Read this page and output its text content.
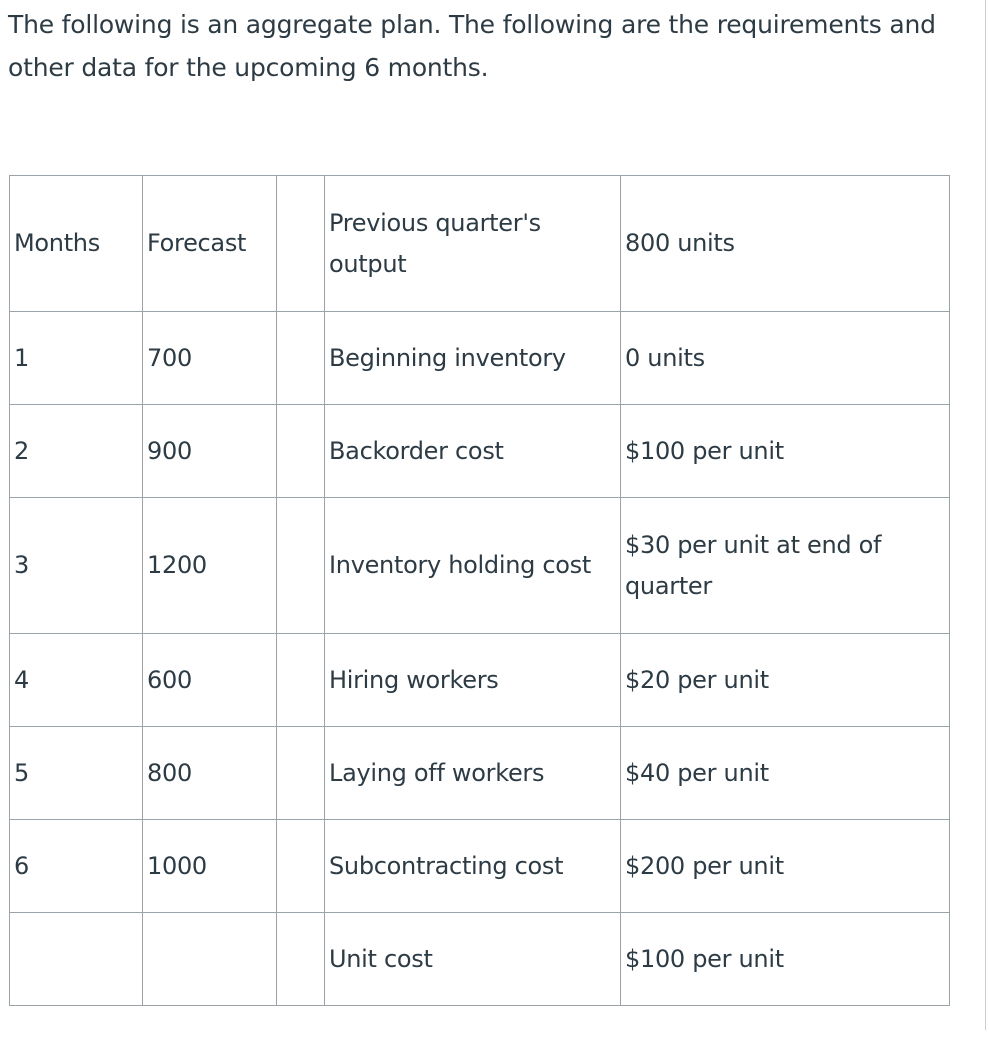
The following is an aggregate plan. The following are the requirements and other data for the upcoming 6 months.

Months	Forecast		Previous quarter's output	800 units
1	700		Beginning inventory	0 units
2	900		Backorder cost	$100 per unit
3	1200		Inventory holding cost	$30 per unit at end of quarter
4	600		Hiring workers	$20 per unit
5	800		Laying off workers	$40 per unit
6	1000		Subcontracting cost	$200 per unit
			Unit cost	$100 per unit
